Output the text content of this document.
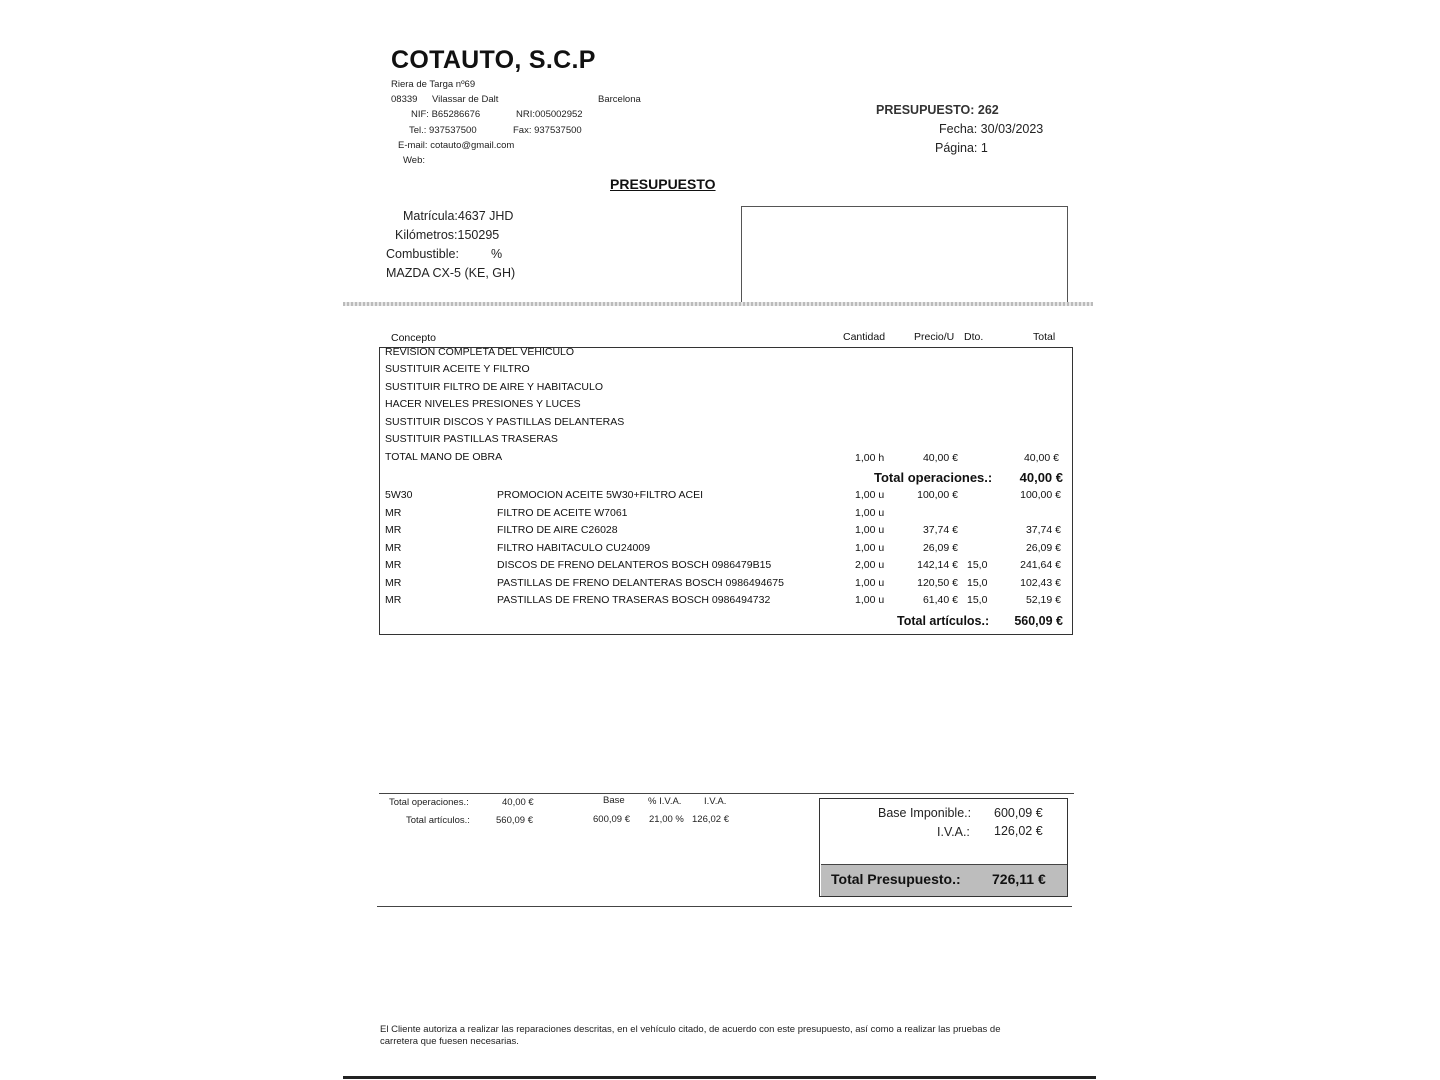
COTAUTO, S.C.P
Riera de Targa nº69
08339 Vilassar de Dalt	Barcelona
NIF: B65286676	NRI:005002952
Tel.: 937537500	Fax: 937537500
E-mail: cotauto@gmail.com
Web:
PRESUPUESTO: 262
Fecha: 30/03/2023
Página: 1
PRESUPUESTO
Matrícula:4637 JHD
Kilómetros:150295
Combustible:	%
MAZDA CX-5 (KE, GH)
Concepto	Cantidad	Precio/U Dto.	Total
REVISION COMPLETA DEL VEHICULO
SUSTITUIR ACEITE Y FILTRO
SUSTITUIR FILTRO DE AIRE Y HABITACULO
HACER NIVELES PRESIONES Y LUCES
SUSTITUIR DISCOS Y PASTILLAS DELANTERAS
SUSTITUIR PASTILLAS TRASERAS
TOTAL MANO DE OBRA	1,00 h	40,00 €	40,00 €
Total operaciones.:	40,00 €
5W30	PROMOCION ACEITE 5W30+FILTRO ACEI	1,00 u	100,00 €	100,00 €
MR	FILTRO DE ACEITE W7061	1,00 u
MR	FILTRO DE AIRE C26028	1,00 u	37,74 €	37,74 €
MR	FILTRO HABITACULO CU24009	1,00 u	26,09 €	26,09 €
MR	DISCOS DE FRENO DELANTEROS BOSCH 0986479B15	2,00 u	142,14 € 15,0	241,64 €
MR	PASTILLAS DE FRENO DELANTERAS BOSCH 0986494675	1,00 u	120,50 € 15,0	102,43 €
MR	PASTILLAS DE FRENO TRASERAS BOSCH 0986494732	1,00 u	61,40 € 15,0	52,19 €
Total artículos.:	560,09 €
Total operaciones.:	40,00 €
Total artículos.:	560,09 €
Base % I.V.A. I.V.A.
600,09 € 21,00 % 126,02 €	Base Imponible.: 600,09 €
I.V.A.: 126,02 €
Total Presupuesto.: 726,11 €
El Cliente autoriza a realizar las reparaciones descritas, en el vehículo citado, de acuerdo con este presupuesto, así como a realizar las pruebas de
carretera que fuesen necesarias.
